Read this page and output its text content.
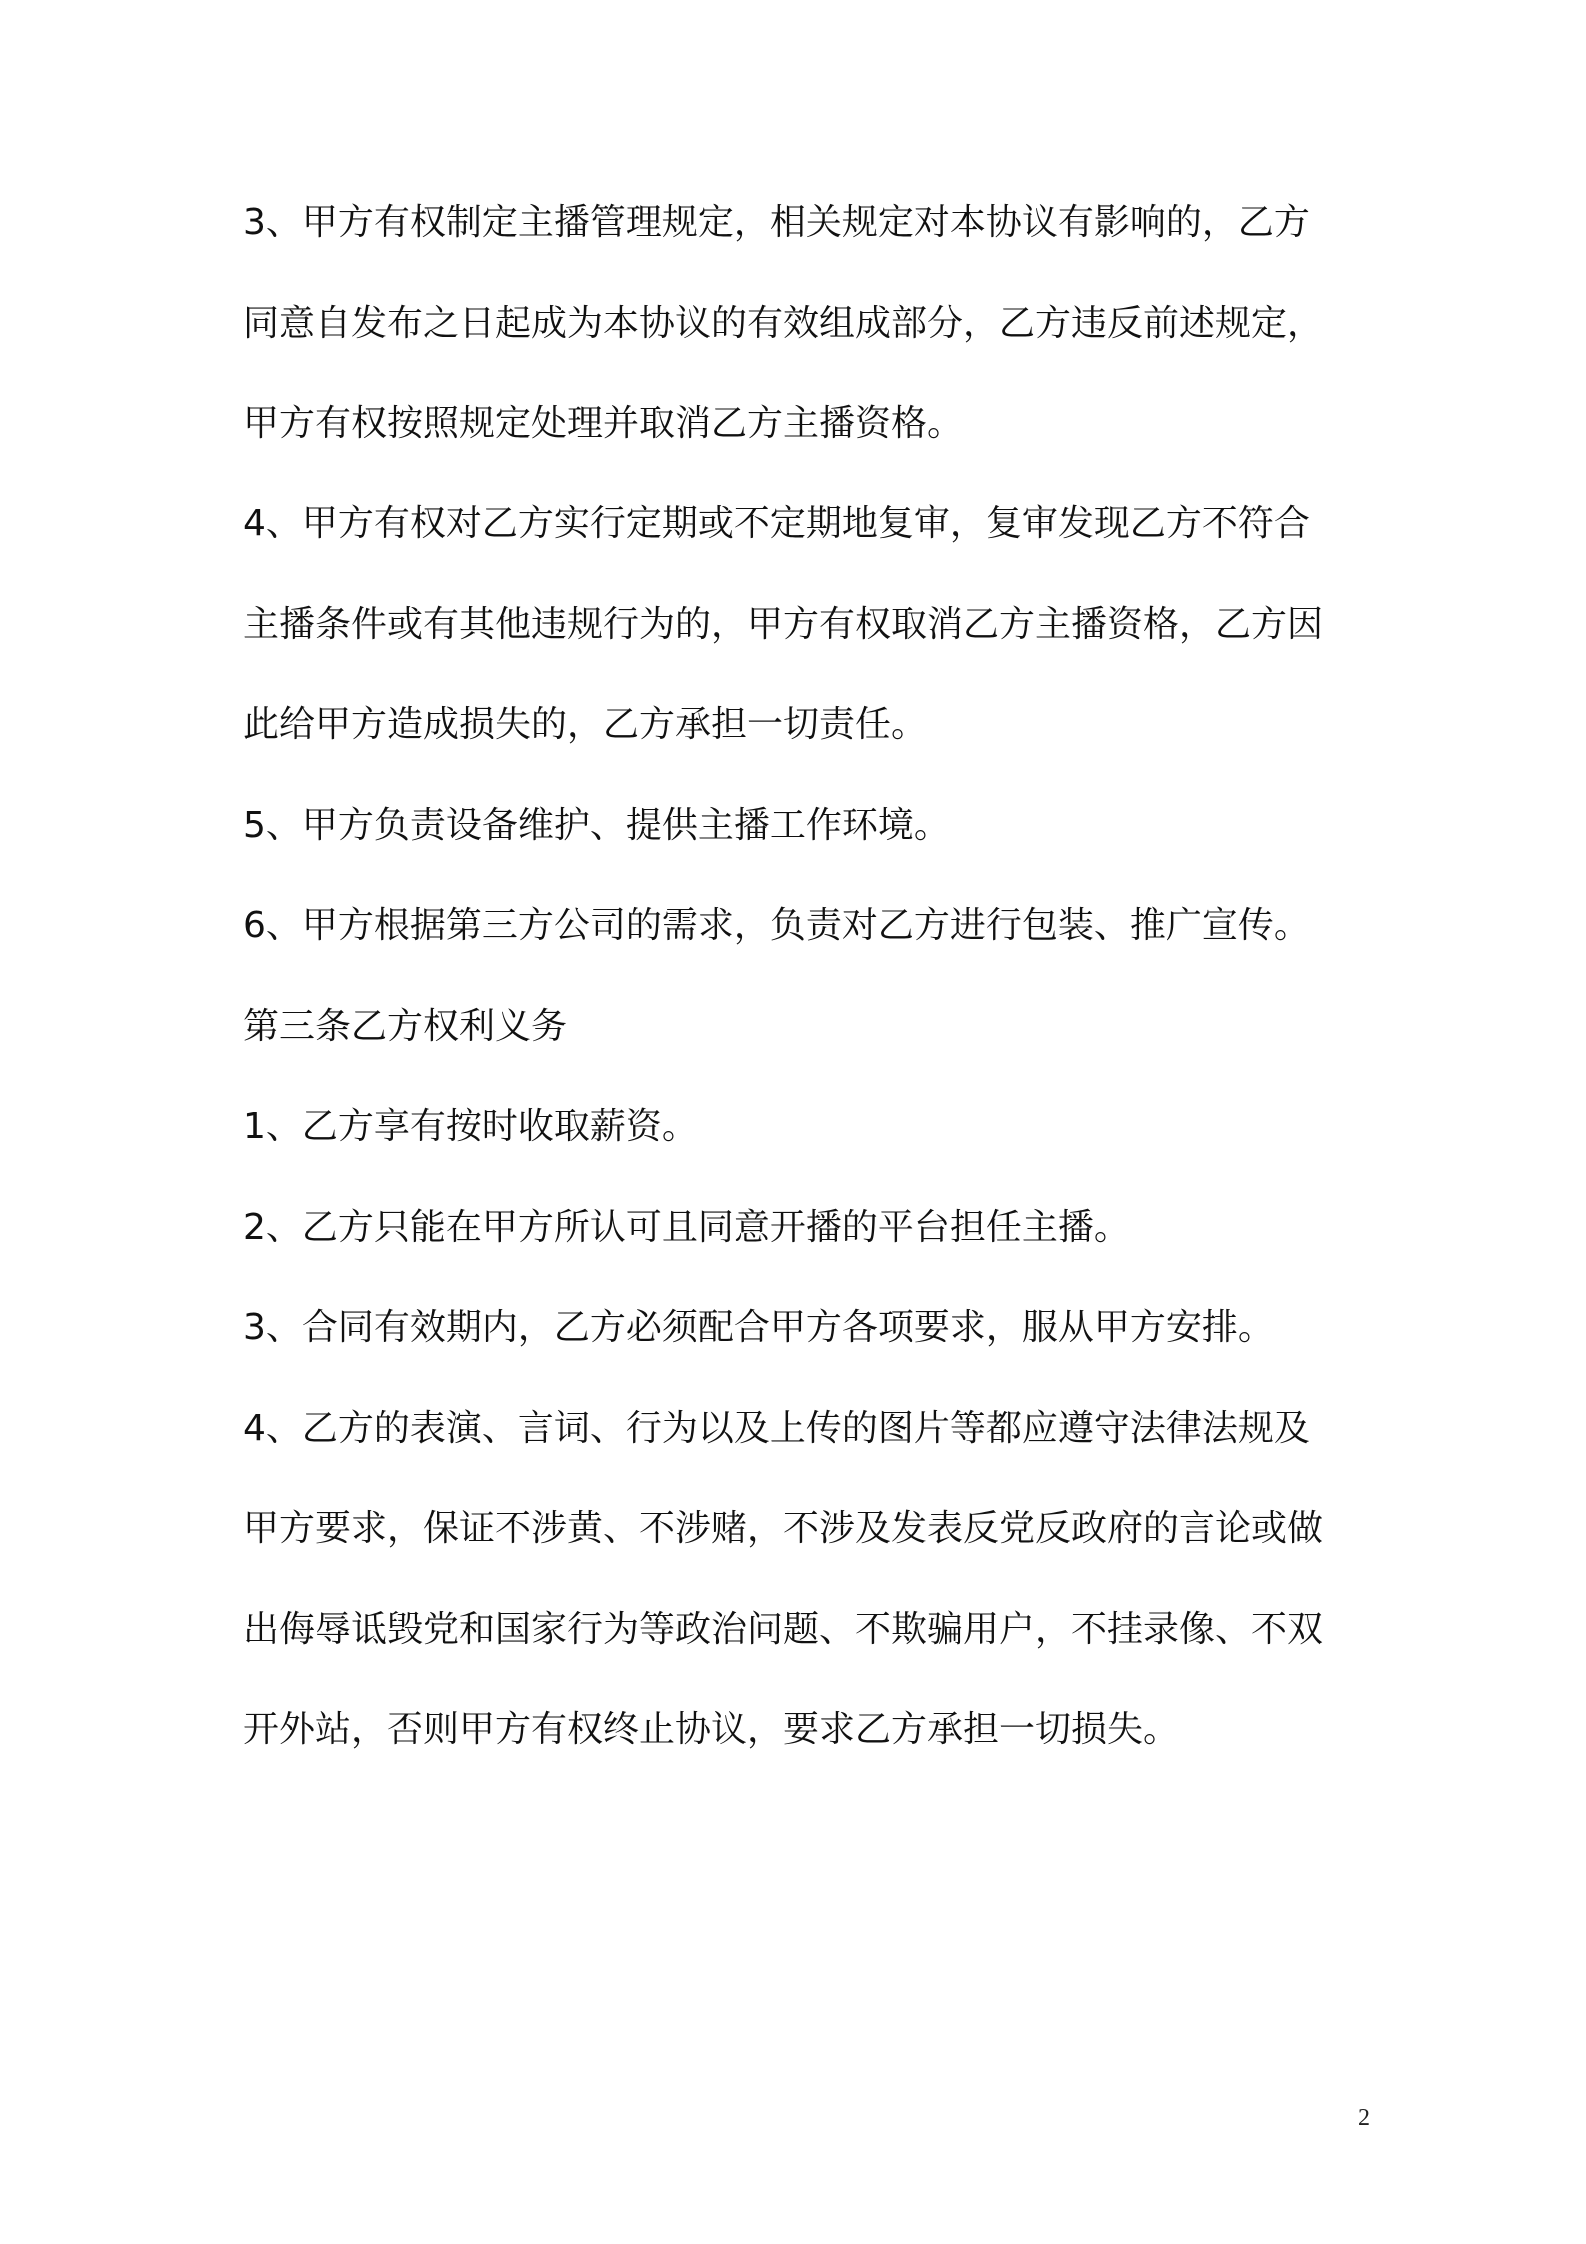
3、甲方有权制定主播管理规定，相关规定对本协议有影响的，乙方
同意自发布之日起成为本协议的有效组成部分，乙方违反前述规定，
甲方有权按照规定处理并取消乙方主播资格。
4、甲方有权对乙方实行定期或不定期地复审，复审发现乙方不符合
主播条件或有其他违规行为的，甲方有权取消乙方主播资格，乙方因
此给甲方造成损失的，乙方承担一切责任。
5、甲方负责设备维护、提供主播工作环境。
6、甲方根据第三方公司的需求，负责对乙方进行包装、推广宣传。
第三条乙方权利义务
1、乙方享有按时收取薪资。
2、乙方只能在甲方所认可且同意开播的平台担任主播。
3、合同有效期内，乙方必须配合甲方各项要求，服从甲方安排。
4、乙方的表演、言词、行为以及上传的图片等都应遵守法律法规及
甲方要求，保证不涉黄、不涉赌，不涉及发表反党反政府的言论或做
出侮辱诋毁党和国家行为等政治问题、不欺骗用户，不挂录像、不双
开外站，否则甲方有权终止协议，要求乙方承担一切损失。
2
